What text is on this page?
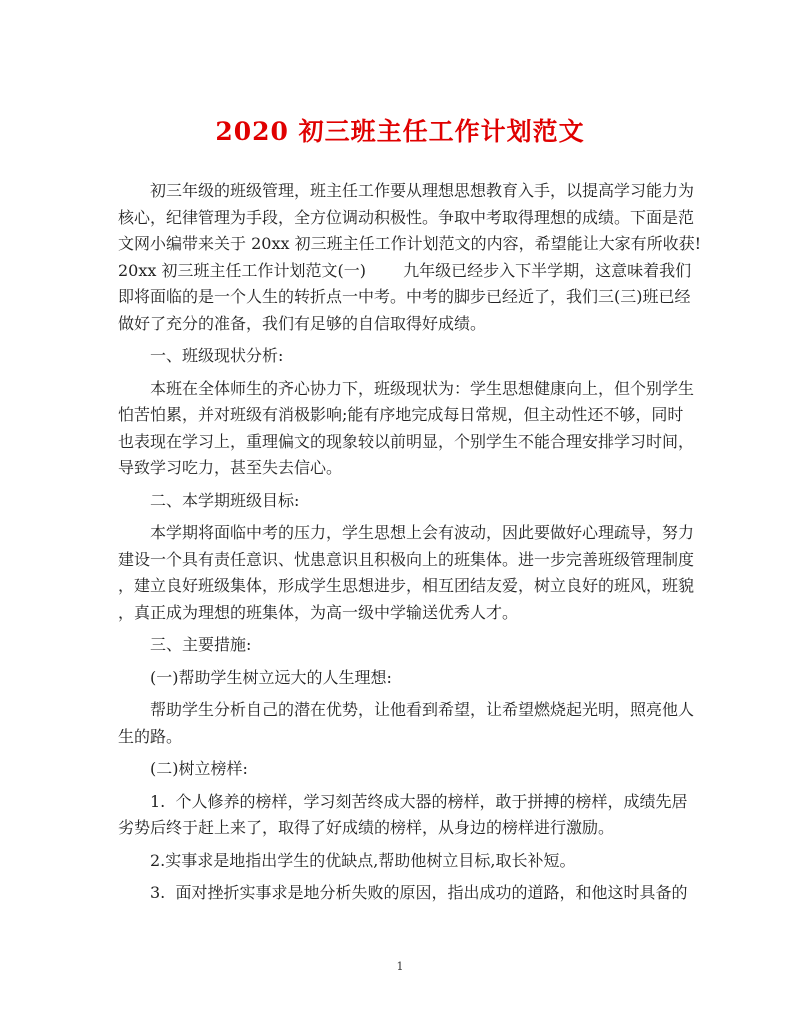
2020 初三班主任工作计划范文
　　初三年级的班级管理，班主任工作要从理想思想教育入手，以提高学习能力为
核心，纪律管理为手段，全方位调动积极性。争取中考取得理想的成绩。下面是范
文网小编带来关于 20xx 初三班主任工作计划范文的内容，希望能让大家有所收获!
20xx 初三班主任工作计划范文(一)　　 九年级已经步入下半学期，这意味着我们
即将面临的是一个人生的转折点一中考。中考的脚步已经近了，我们三(三)班已经
做好了充分的准备，我们有足够的自信取得好成绩。
　　一、班级现状分析:
　　本班在全体师生的齐心协力下，班级现状为：学生思想健康向上，但个别学生
怕苦怕累，并对班级有消极影响;能有序地完成每日常规，但主动性还不够，同时
也表现在学习上，重理偏文的现象较以前明显，个别学生不能合理安排学习时间，
导致学习吃力，甚至失去信心。
　　二、本学期班级目标:
　　本学期将面临中考的压力，学生思想上会有波动，因此要做好心理疏导，努力
建设一个具有责任意识、忧患意识且积极向上的班集体。进一步完善班级管理制度
，建立良好班级集体，形成学生思想进步，相互团结友爱，树立良好的班风，班貌
，真正成为理想的班集体，为高一级中学输送优秀人才。
　　三、主要措施:
　　(一)帮助学生树立远大的人生理想:
　　帮助学生分析自己的潜在优势，让他看到希望，让希望燃烧起光明，照亮他人
生的路。
　　(二)树立榜样:
　　1.  个人修养的榜样，学习刻苦终成大器的榜样，敢于拼搏的榜样，成绩先居
劣势后终于赶上来了，取得了好成绩的榜样，从身边的榜样进行激励。
　　2.实事求是地指出学生的优缺点,帮助他树立目标,取长补短。
　　3.  面对挫折实事求是地分析失败的原因，指出成功的道路，和他这时具备的
1
